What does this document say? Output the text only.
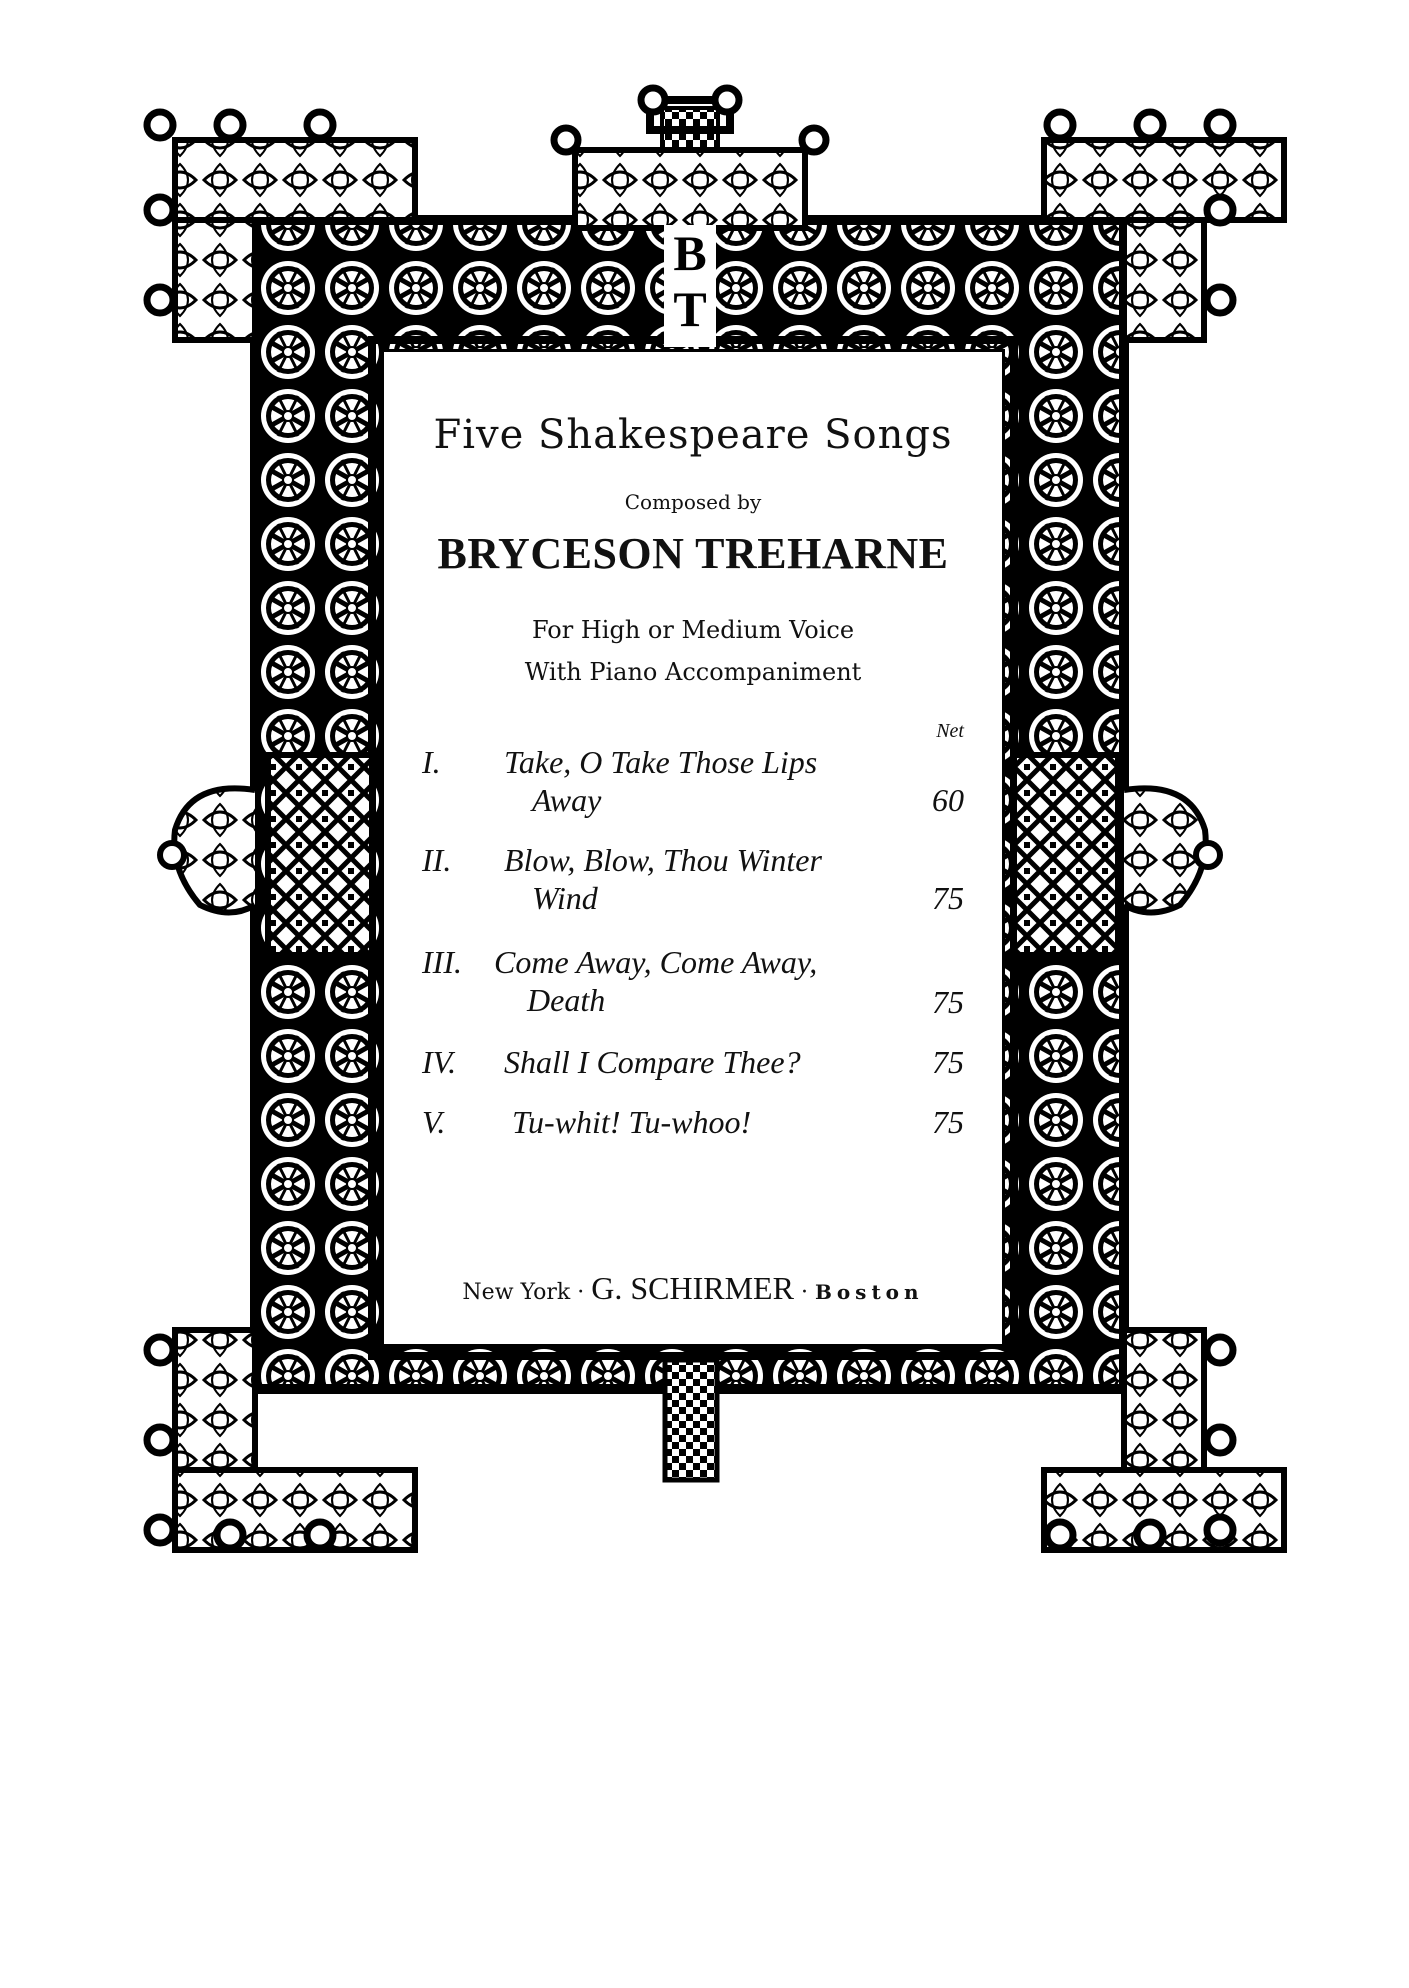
B
T
Five Shakespeare Songs
Composed by
BRYCESON TREHARNE
For High or Medium Voice
With Piano Accompaniment
Net
I. Take, O Take Those Lips
Away	60
II. Blow, Blow, Thou Winter
Wind	75
III. Come Away, Come Away,
Death	75
IV. Shall I Compare Thee?	75
V. Tu-whit! Tu-whoo!	75
New York · G. SCHIRMER · Boston
